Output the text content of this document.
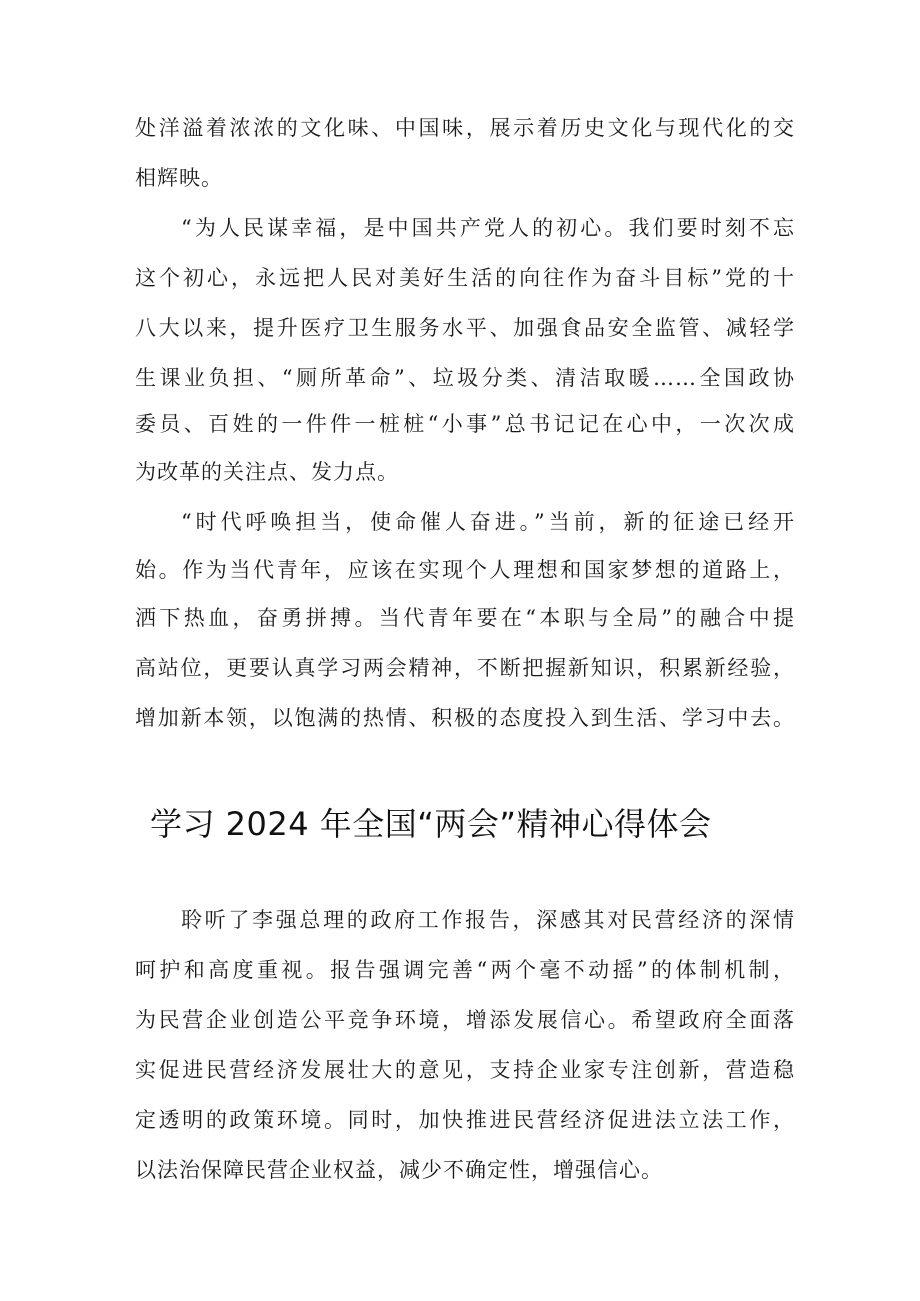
处洋溢着浓浓的文化味、中国味，展示着历史文化与现代化的交
相辉映。
“为人民谋幸福，是中国共产党人的初心。我们要时刻不忘
这个初心，永远把人民对美好生活的向往作为奋斗目标”党的十
八大以来，提升医疗卫生服务水平、加强食品安全监管、减轻学
生课业负担、“厕所革命”、垃圾分类、清洁取暖……全国政协
委员、百姓的一件件一桩桩“小事”总书记记在心中，一次次成
为改革的关注点、发力点。
“时代呼唤担当，使命催人奋进。”当前，新的征途已经开
始。作为当代青年，应该在实现个人理想和国家梦想的道路上，
洒下热血，奋勇拼搏。当代青年要在“本职与全局”的融合中提
高站位，更要认真学习两会精神，不断把握新知识，积累新经验，
增加新本领，以饱满的热情、积极的态度投入到生活、学习中去。
学习 2024 年全国“两会”精神心得体会
聆听了李强总理的政府工作报告，深感其对民营经济的深情
呵护和高度重视。报告强调完善“两个毫不动摇”的体制机制，
为民营企业创造公平竞争环境，增添发展信心。希望政府全面落
实促进民营经济发展壮大的意见，支持企业家专注创新，营造稳
定透明的政策环境。同时，加快推进民营经济促进法立法工作，
以法治保障民营企业权益，减少不确定性，增强信心。
